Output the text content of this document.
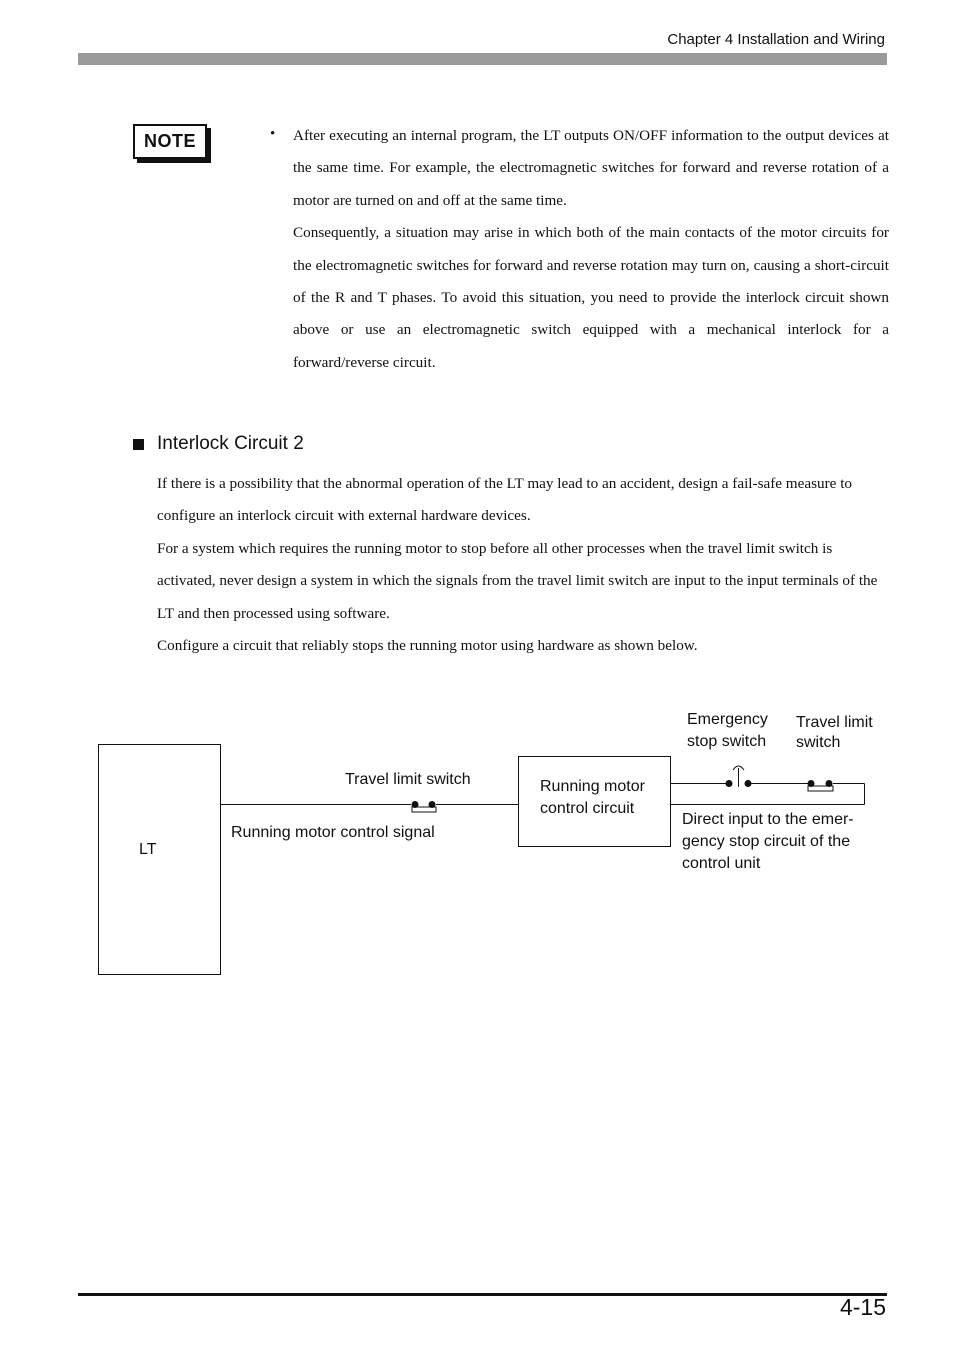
Chapter 4 Installation and Wiring
NOTE	• After executing an internal program, the LT outputs ON/OFF information to the output devices at the same time. For example, the electromagnetic switches for forward and reverse rotation of a motor are turned on and off at the same time.

Consequently, a situation may arise in which both of the main contacts of the motor circuits for the electromagnetic switches for forward and reverse rotation may turn on, causing a short-circuit of the R and T phases. To avoid this situation, you need to provide the interlock circuit shown above or use an electromagnetic switch equipped with a mechanical interlock for a forward/reverse circuit.

Interlock Circuit 2

If there is a possibility that the abnormal operation of the LT may lead to an accident, design a fail-safe measure to configure an interlock circuit with external hardware devices.

For a system which requires the running motor to stop before all other processes when the travel limit switch is activated, never design a system in which the signals from the travel limit switch are input to the input terminals of the LT and then processed using software.

Configure a circuit that reliably stops the running motor using hardware as shown below.

LT
Travel limit switch
Running motor control signal
Running motor
control circuit
Emergency
stop switch
Travel limit
switch
Direct input to the emer-
gency stop circuit of the
control unit
4-15
